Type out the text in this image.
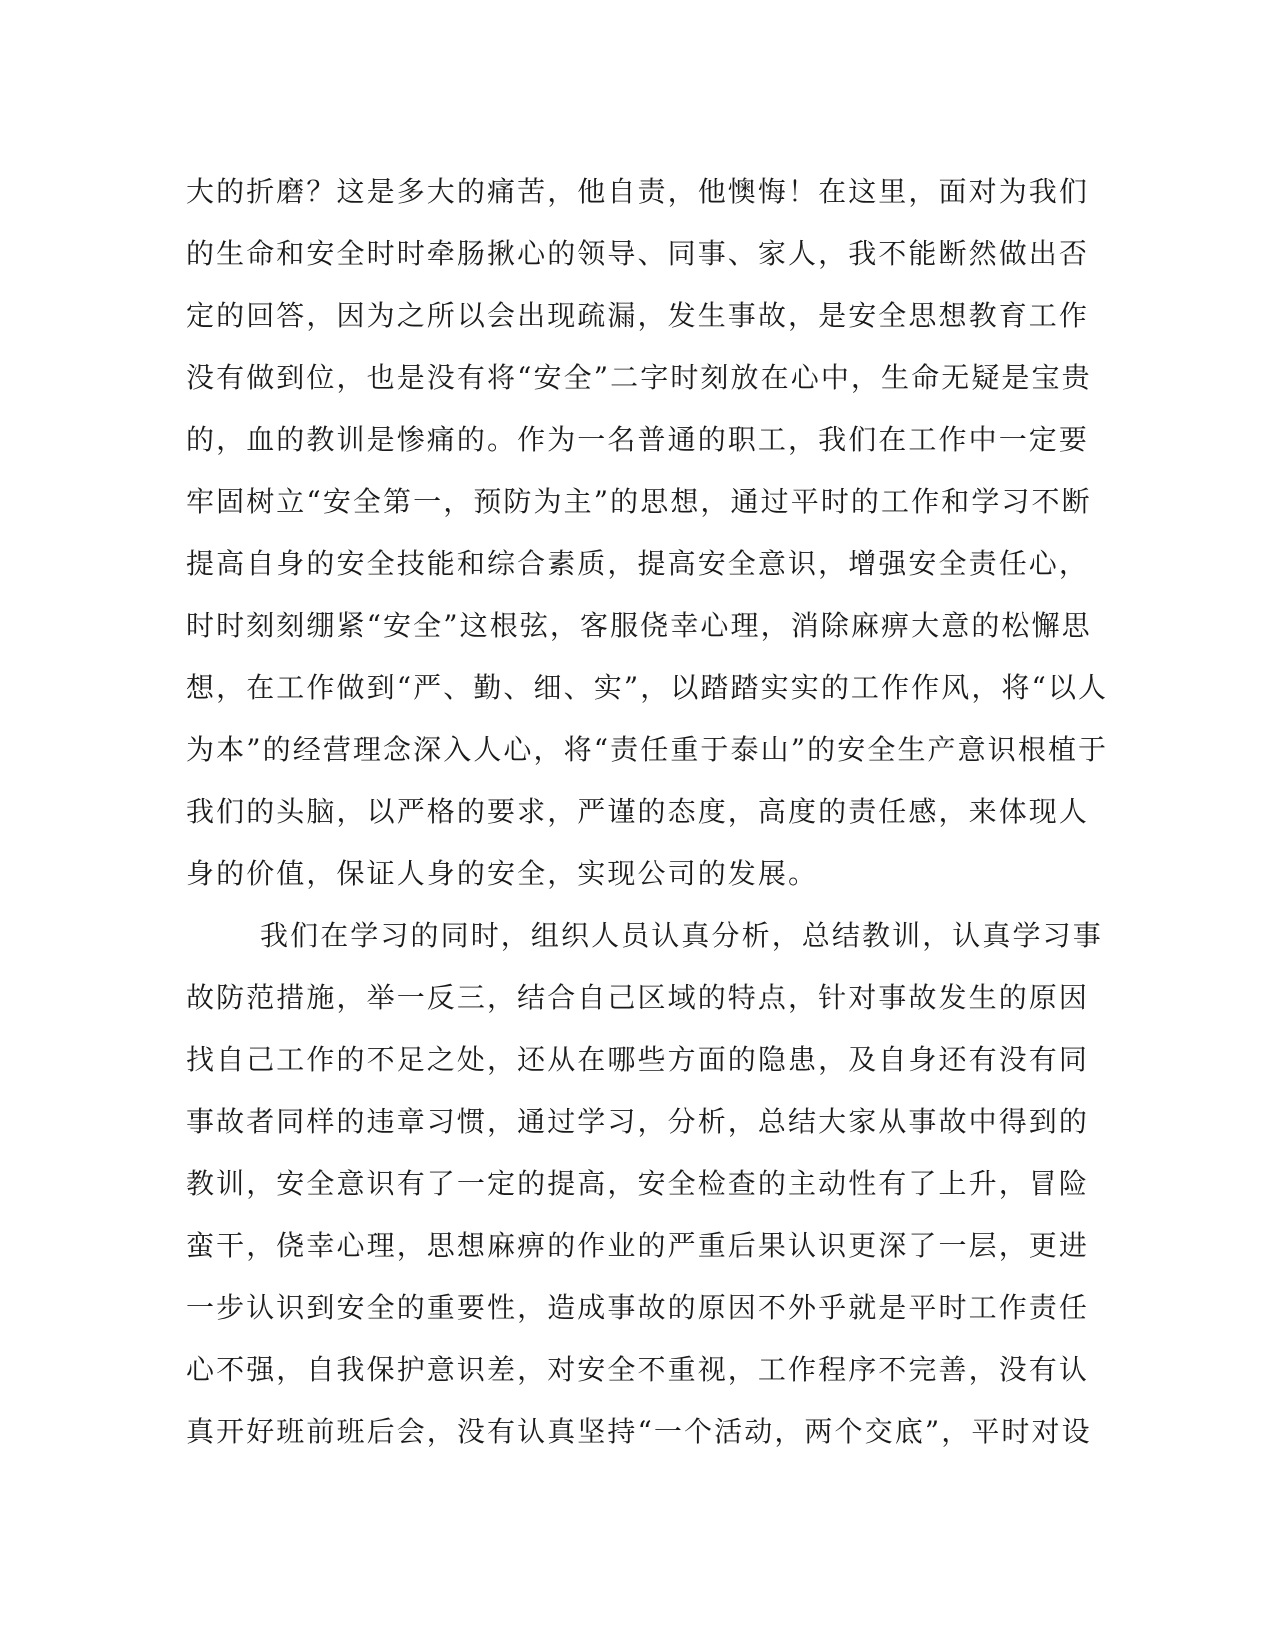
大的折磨？这是多大的痛苦，他自责，他懊悔！在这里，面对为我们
的生命和安全时时牵肠揪心的领导、同事、家人，我不能断然做出否
定的回答，因为之所以会出现疏漏，发生事故，是安全思想教育工作
没有做到位，也是没有将“安全”二字时刻放在心中，生命无疑是宝贵
的，血的教训是惨痛的。作为一名普通的职工，我们在工作中一定要
牢固树立“安全第一，预防为主”的思想，通过平时的工作和学习不断
提高自身的安全技能和综合素质，提高安全意识，增强安全责任心，
时时刻刻绷紧“安全”这根弦，客服侥幸心理，消除麻痹大意的松懈思
想，在工作做到“严、勤、细、实”，以踏踏实实的工作作风，将“以人
为本”的经营理念深入人心，将“责任重于泰山”的安全生产意识根植于
我们的头脑，以严格的要求，严谨的态度，高度的责任感，来体现人
身的价值，保证人身的安全，实现公司的发展。
我们在学习的同时，组织人员认真分析，总结教训，认真学习事
故防范措施，举一反三，结合自己区域的特点，针对事故发生的原因
找自己工作的不足之处，还从在哪些方面的隐患，及自身还有没有同
事故者同样的违章习惯，通过学习，分析，总结大家从事故中得到的
教训，安全意识有了一定的提高，安全检查的主动性有了上升，冒险
蛮干，侥幸心理，思想麻痹的作业的严重后果认识更深了一层，更进
一步认识到安全的重要性，造成事故的原因不外乎就是平时工作责任
心不强，自我保护意识差，对安全不重视，工作程序不完善，没有认
真开好班前班后会，没有认真坚持“一个活动，两个交底”，平时对设
